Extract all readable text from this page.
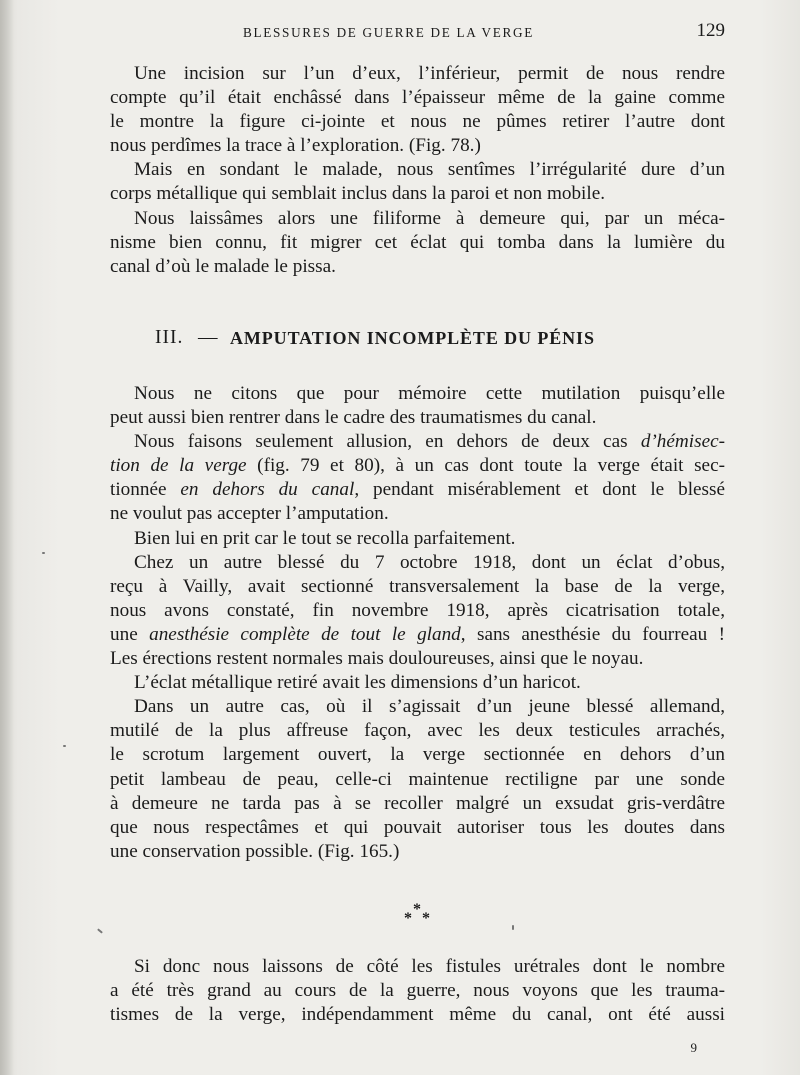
BLESSURES DE GUERRE DE LA VERGE	129
Une incision sur l’un d’eux, l’inférieur, permit de nous rendre
compte qu’il était enchâssé dans l’épaisseur même de la gaine comme
le montre la figure ci-jointe et nous ne pûmes retirer l’autre dont
nous perdîmes la trace à l’exploration. (Fig. 78.)
Mais en sondant le malade, nous sentîmes l’irrégularité dure d’un
corps métallique qui semblait inclus dans la paroi et non mobile.
Nous laissâmes alors une filiforme à demeure qui, par un méca-
nisme bien connu, fit migrer cet éclat qui tomba dans la lumière du
canal d’où le malade le pissa.
III. — AMPUTATION INCOMPLÈTE DU PÉNIS
Nous ne citons que pour mémoire cette mutilation puisqu’elle
peut aussi bien rentrer dans le cadre des traumatismes du canal.
Nous faisons seulement allusion, en dehors de deux cas d’hémisec-
tion de la verge (fig. 79 et 80), à un cas dont toute la verge était sec-
tionnée en dehors du canal, pendant misérablement et dont le blessé
ne voulut pas accepter l’amputation.
Bien lui en prit car le tout se recolla parfaitement.
Chez un autre blessé du 7 octobre 1918, dont un éclat d’obus,
reçu à Vailly, avait sectionné transversalement la base de la verge,
nous avons constaté, fin novembre 1918, après cicatrisation totale,
une anesthésie complète de tout le gland, sans anesthésie du fourreau !
Les érections restent normales mais douloureuses, ainsi que le noyau.
L’éclat métallique retiré avait les dimensions d’un haricot.
Dans un autre cas, où il s’agissait d’un jeune blessé allemand,
mutilé de la plus affreuse façon, avec les deux testicules arrachés,
le scrotum largement ouvert, la verge sectionnée en dehors d’un
petit lambeau de peau, celle-ci maintenue rectiligne par une sonde
à demeure ne tarda pas à se recoller malgré un exsudat gris-verdâtre
que nous respectâmes et qui pouvait autoriser tous les doutes dans
une conservation possible. (Fig. 165.)
*
* *
Si donc nous laissons de côté les fistules urétrales dont le nombre
a été très grand au cours de la guerre, nous voyons que les trauma-
tismes de la verge, indépendamment même du canal, ont été aussi
9
